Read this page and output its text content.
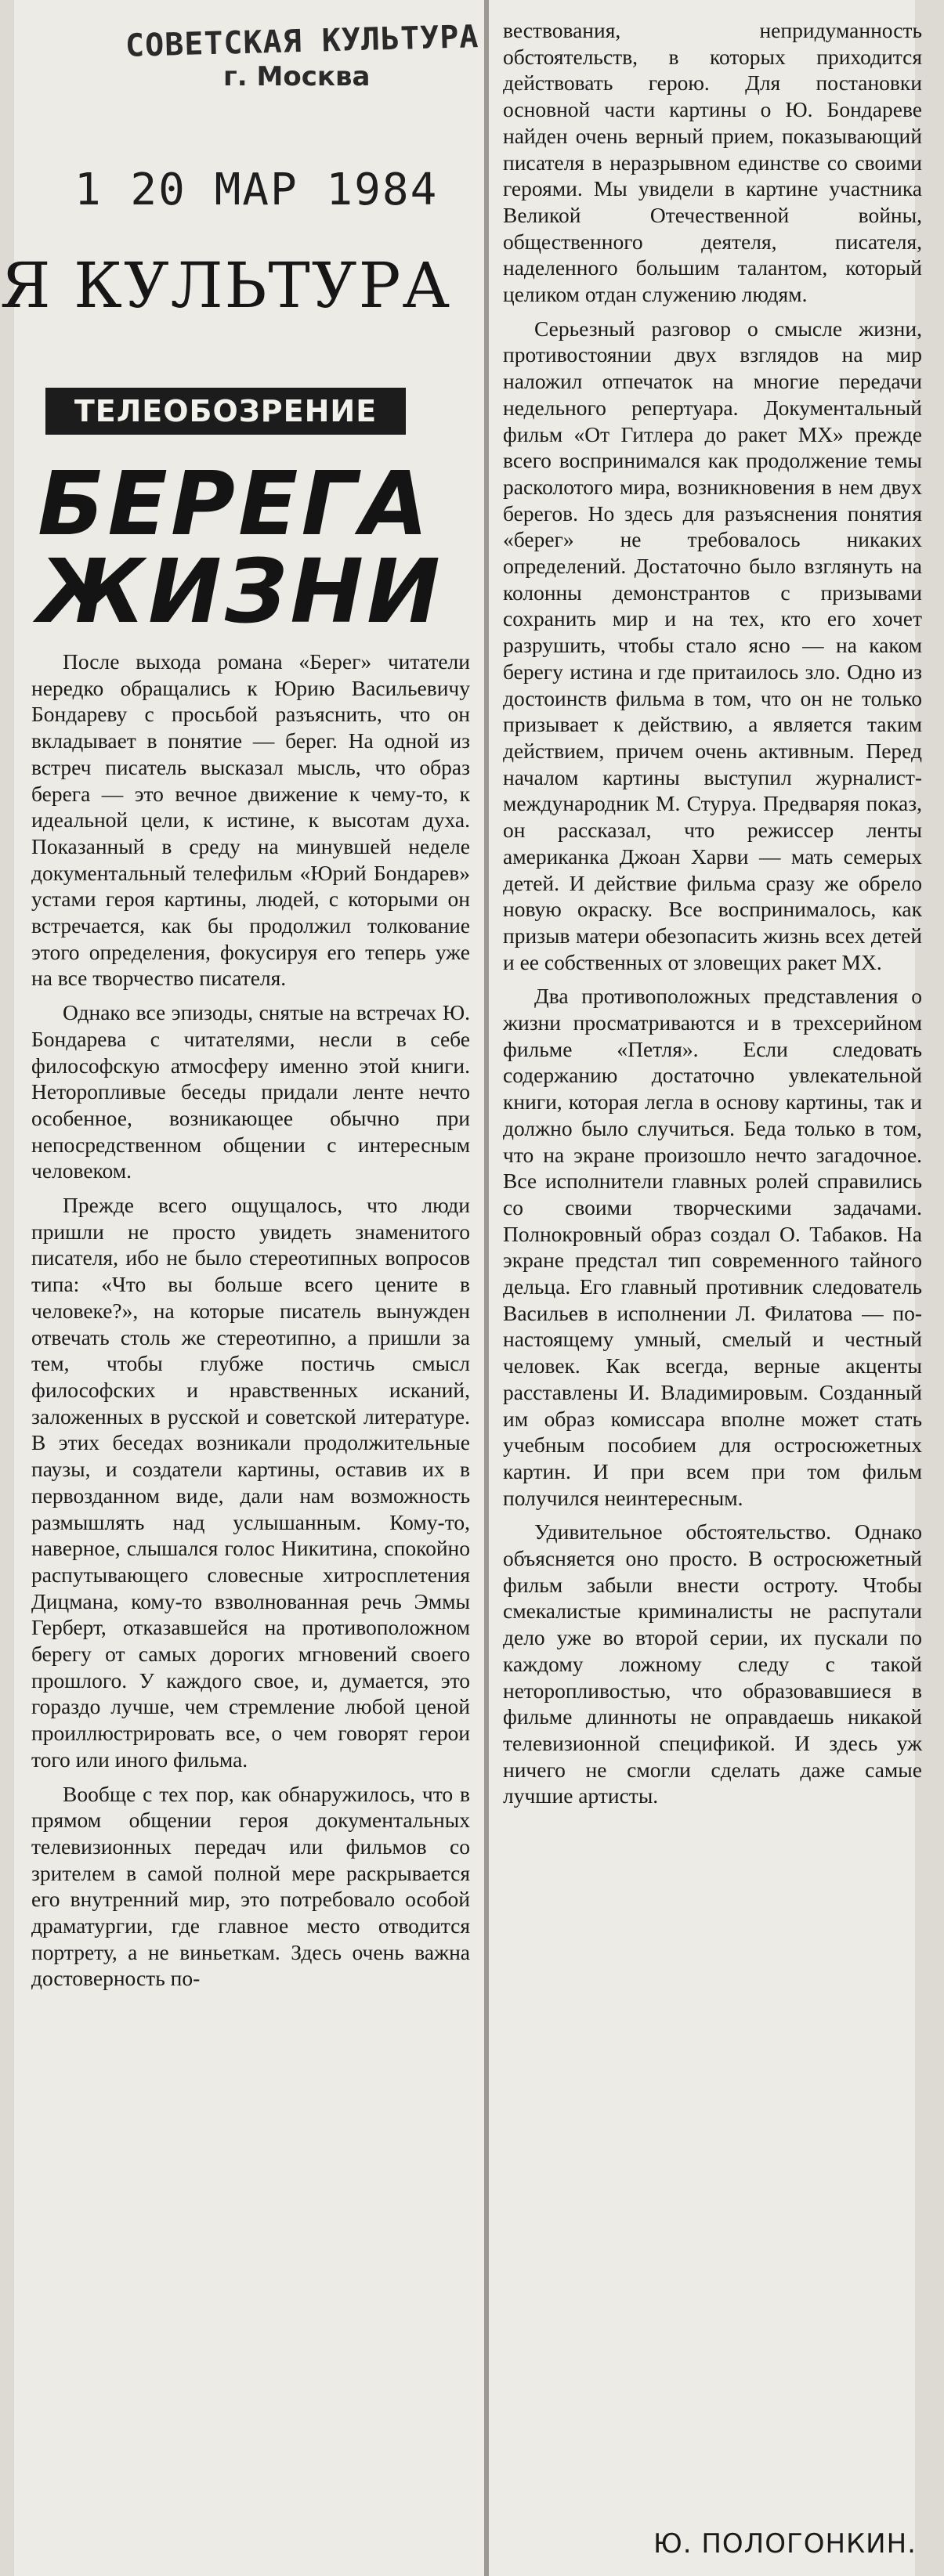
СОВЕТСКАЯ КУЛЬТУРА
г. Москва
1 20 МАР 1984
Я КУЛЬТУРА
ТЕЛЕОБОЗРЕНИЕ
БЕРЕГА
ЖИЗНИ

После выхода романа «Берег» читатели нередко обращались к Юрию Васильевичу Бондареву с просьбой разъяснить, что он вкладывает в понятие — берег. На одной из встреч писатель высказал мысль, что образ берега — это вечное движение к чему-то, к идеальной цели, к истине, к высотам духа. Показанный в среду на минувшей неделе документальный телефильм «Юрий Бондарев» устами героя картины, людей, с которыми он встречается, как бы продолжил толкование этого определения, фокусируя его теперь уже на все творчество писателя.

Однако все эпизоды, снятые на встречах Ю. Бондарева с читателями, несли в себе философскую атмосферу именно этой книги. Неторопливые беседы придали ленте нечто особенное, возникающее обычно при непосредственном общении с интересным человеком.

Прежде всего ощущалось, что люди пришли не просто увидеть знаменитого писателя, ибо не было стереотипных вопросов типа: «Что вы больше всего цените в человеке?», на которые писатель вынужден отвечать столь же стереотипно, а пришли за тем, чтобы глубже постичь смысл философских и нравственных исканий, заложенных в русской и советской литературе. В этих беседах возникали продолжительные паузы, и создатели картины, оставив их в первозданном виде, дали нам возможность размышлять над услышанным. Кому-то, наверное, слышался голос Никитина, спокойно распутывающего словесные хитросплетения Дицмана, кому-то взволнованная речь Эммы Герберт, отказавшейся на противоположном берегу от самых дорогих мгновений своего прошлого. У каждого свое, и, думается, это гораздо лучше, чем стремление любой ценой проиллюстрировать все, о чем говорят герои того или иного фильма.

Вообще с тех пор, как обнаружилось, что в прямом общении героя документальных телевизионных передач или фильмов со зрителем в самой полной мере раскрывается его внутренний мир, это потребовало особой драматургии, где главное место отводится портрету, а не виньеткам. Здесь очень важна достоверность по-

вествования, непридуманность обстоятельств, в которых приходится действовать герою. Для постановки основной части картины о Ю. Бондареве найден очень верный прием, показывающий писателя в неразрывном единстве со своими героями. Мы увидели в картине участника Великой Отечественной войны, общественного деятеля, писателя, наделенного большим талантом, который целиком отдан служению людям.

Серьезный разговор о смысле жизни, противостоянии двух взглядов на мир наложил отпечаток на многие передачи недельного репертуара. Документальный фильм «От Гитлера до ракет МХ» прежде всего воспринимался как продолжение темы расколотого мира, возникновения в нем двух берегов. Но здесь для разъяснения понятия «берег» не требовалось никаких определений. Достаточно было взглянуть на колонны демонстрантов с призывами сохранить мир и на тех, кто его хочет разрушить, чтобы стало ясно — на каком берегу истина и где притаилось зло. Одно из достоинств фильма в том, что он не только призывает к действию, а является таким действием, причем очень активным. Перед началом картины выступил журналист-международник М. Стуруа. Предваряя показ, он рассказал, что режиссер ленты американка Джоан Харви — мать семерых детей. И действие фильма сразу же обрело новую окраску. Все воспринималось, как призыв матери обезопасить жизнь всех детей и ее собственных от зловещих ракет МХ.

Два противоположных представления о жизни просматриваются и в трехсерийном фильме «Петля». Если следовать содержанию достаточно увлекательной книги, которая легла в основу картины, так и должно было случиться. Беда только в том, что на экране произошло нечто загадочное. Все исполнители главных ролей справились со своими творческими задачами. Полнокровный образ создал О. Табаков. На экране предстал тип современного тайного дельца. Его главный противник следователь Васильев в исполнении Л. Филатова — по-настоящему умный, смелый и честный человек. Как всегда, верные акценты расставлены И. Владимировым. Созданный им образ комиссара вполне может стать учебным пособием для остросюжетных картин. И при всем при том фильм получился неинтересным.

Удивительное обстоятельство. Однако объясняется оно просто. В остросюжетный фильм забыли внести остроту. Чтобы смекалистые криминалисты не распутали дело уже во второй серии, их пускали по каждому ложному следу с такой неторопливостью, что образовавшиеся в фильме длинноты не оправдаешь никакой телевизионной спецификой. И здесь уж ничего не смогли сделать даже самые лучшие артисты.

Ю. ПОЛОГОНКИН.
